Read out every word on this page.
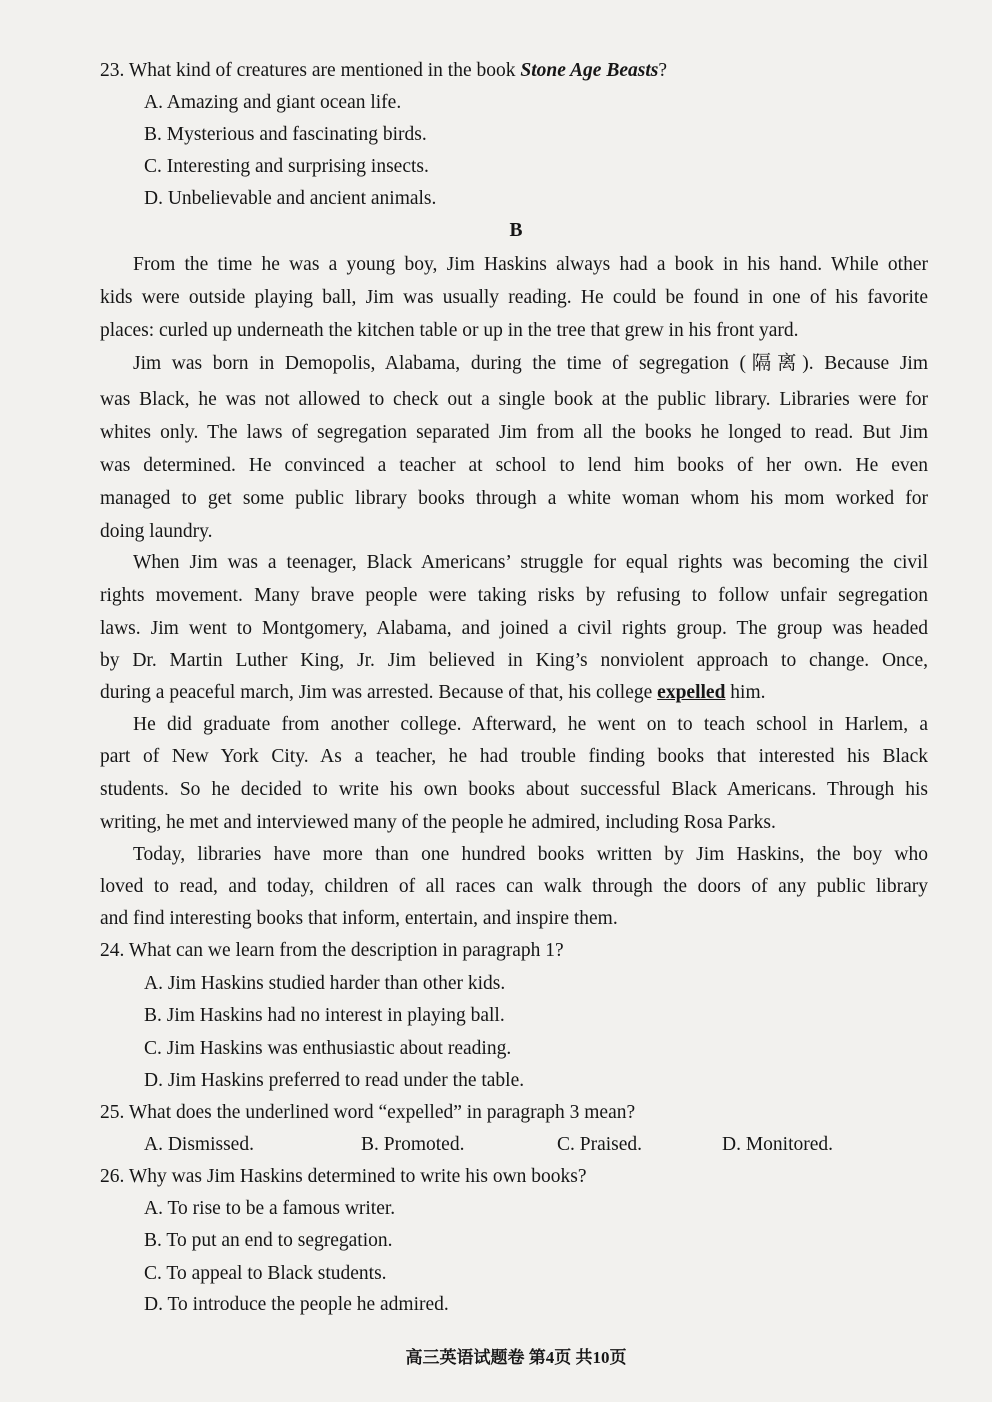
23. What kind of creatures are mentioned in the book Stone Age Beasts?
A. Amazing and giant ocean life.
B. Mysterious and fascinating birds.
C. Interesting and surprising insects.
D. Unbelievable and ancient animals.
B
From the time he was a young boy, Jim Haskins always had a book in his hand. While other
kids were outside playing ball, Jim was usually reading. He could be found in one of his favorite
places: curled up underneath the kitchen table or up in the tree that grew in his front yard.
Jim was born in Demopolis, Alabama, during the time of segregation (隔离). Because Jim
was Black, he was not allowed to check out a single book at the public library. Libraries were for
whites only. The laws of segregation separated Jim from all the books he longed to read. But Jim
was determined. He convinced a teacher at school to lend him books of her own. He even
managed to get some public library books through a white woman whom his mom worked for
doing laundry.
When Jim was a teenager, Black Americans’ struggle for equal rights was becoming the civil
rights movement. Many brave people were taking risks by refusing to follow unfair segregation
laws. Jim went to Montgomery, Alabama, and joined a civil rights group. The group was headed
by Dr. Martin Luther King, Jr. Jim believed in King’s nonviolent approach to change. Once,
during a peaceful march, Jim was arrested. Because of that, his college expelled him.
He did graduate from another college. Afterward, he went on to teach school in Harlem, a
part of New York City. As a teacher, he had trouble finding books that interested his Black
students. So he decided to write his own books about successful Black Americans. Through his
writing, he met and interviewed many of the people he admired, including Rosa Parks.
Today, libraries have more than one hundred books written by Jim Haskins, the boy who
loved to read, and today, children of all races can walk through the doors of any public library
and find interesting books that inform, entertain, and inspire them.
24. What can we learn from the description in paragraph 1?
A. Jim Haskins studied harder than other kids.
B. Jim Haskins had no interest in playing ball.
C. Jim Haskins was enthusiastic about reading.
D. Jim Haskins preferred to read under the table.
25. What does the underlined word “expelled” in paragraph 3 mean?
A. Dismissed.	B. Promoted.	C. Praised.	D. Monitored.
26. Why was Jim Haskins determined to write his own books?
A. To rise to be a famous writer.
B. To put an end to segregation.
C. To appeal to Black students.
D. To introduce the people he admired.
高三英语试题卷 第4页 共10页
